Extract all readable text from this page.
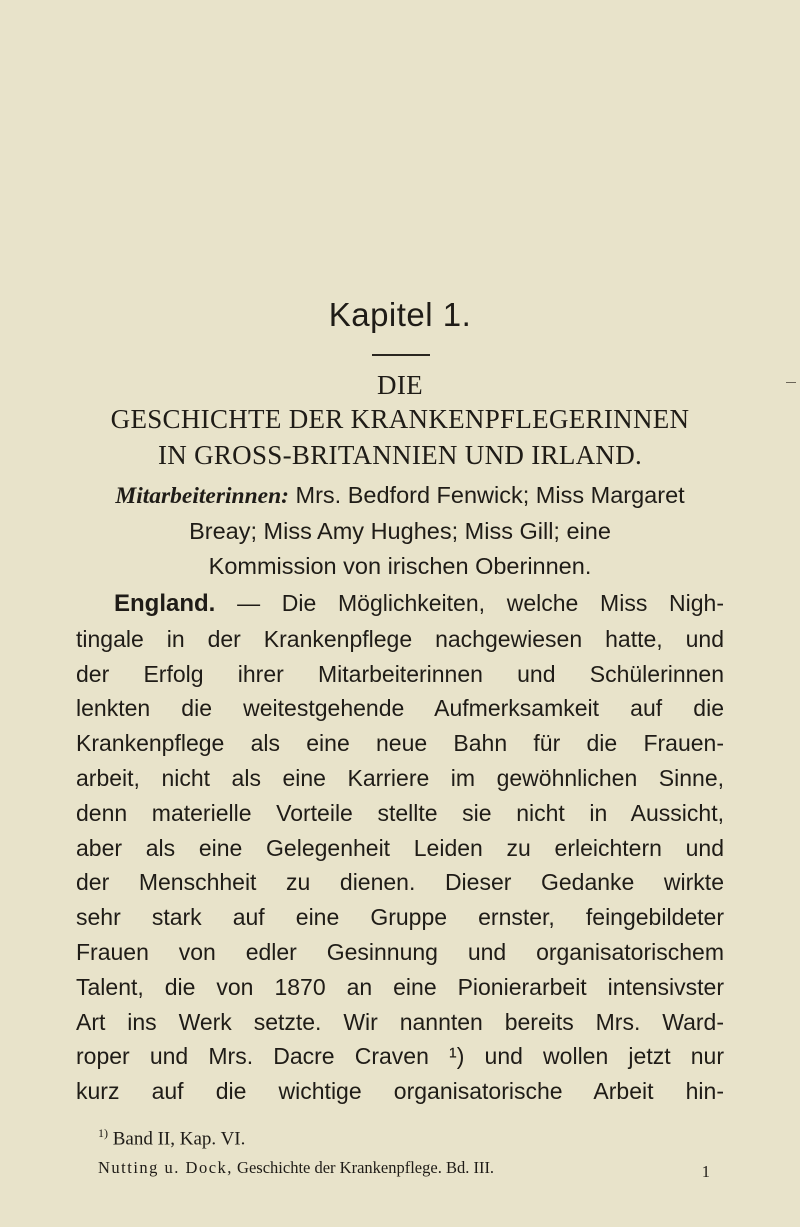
Kapitel 1.
DIE
GESCHICHTE DER KRANKENPFLEGERINNEN
IN GROSS-BRITANNIEN UND IRLAND.
Mitarbeiterinnen: Mrs. Bedford Fenwick; Miss Margaret
Breay; Miss Amy Hughes; Miss Gill; eine
Kommission von irischen Oberinnen.
England. — Die Möglichkeiten, welche Miss Nigh-
tingale in der Krankenpflege nachgewiesen hatte, und
der Erfolg ihrer Mitarbeiterinnen und Schülerinnen
lenkten die weitestgehende Aufmerksamkeit auf die
Krankenpflege als eine neue Bahn für die Frauen-
arbeit, nicht als eine Karriere im gewöhnlichen Sinne,
denn materielle Vorteile stellte sie nicht in Aussicht,
aber als eine Gelegenheit Leiden zu erleichtern und
der Menschheit zu dienen. Dieser Gedanke wirkte
sehr stark auf eine Gruppe ernster, feingebildeter
Frauen von edler Gesinnung und organisatorischem
Talent, die von 1870 an eine Pionierarbeit intensivster
Art ins Werk setzte. Wir nannten bereits Mrs. Ward-
roper und Mrs. Dacre Craven ¹) und wollen jetzt nur
kurz auf die wichtige organisatorische Arbeit hin-
$^{1)}$ Band II, Kap. VI.
Nutting u. Dock, Geschichte der Krankenpflege. Bd. III.	1
